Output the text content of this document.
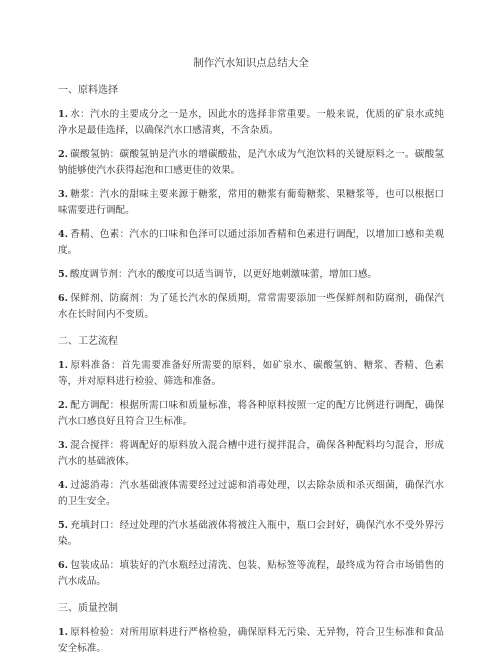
制作汽水知识点总结大全
一、原料选择
1. 水：汽水的主要成分之一是水，因此水的选择非常重要。一般来说，优质的矿泉水或纯净水是最佳选择，以确保汽水口感清爽，不含杂质。
2. 碳酸氢钠：碳酸氢钠是汽水的增碳酸盐，是汽水成为气泡饮料的关键原料之一。碳酸氢钠能够使汽水获得起泡和口感更佳的效果。
3. 糖浆：汽水的甜味主要来源于糖浆，常用的糖浆有葡萄糖浆、果糖浆等，也可以根据口味需要进行调配。
4. 香精、色素：汽水的口味和色泽可以通过添加香精和色素进行调配，以增加口感和美观度。
5. 酸度调节剂：汽水的酸度可以适当调节，以更好地刺激味蕾，增加口感。
6. 保鲜剂、防腐剂：为了延长汽水的保质期，常常需要添加一些保鲜剂和防腐剂，确保汽水在长时间内不变质。
二、工艺流程
1. 原料准备：首先需要准备好所需要的原料，如矿泉水、碳酸氢钠、糖浆、香精、色素等，并对原料进行检验、筛选和准备。
2. 配方调配：根据所需口味和质量标准，将各种原料按照一定的配方比例进行调配，确保汽水口感良好且符合卫生标准。
3. 混合搅拌：将调配好的原料放入混合槽中进行搅拌混合，确保各种配料均匀混合，形成汽水的基础液体。
4. 过滤消毒：汽水基础液体需要经过过滤和消毒处理，以去除杂质和杀灭细菌，确保汽水的卫生安全。
5. 充填封口：经过处理的汽水基础液体将被注入瓶中，瓶口会封好，确保汽水不受外界污染。
6. 包装成品：填装好的汽水瓶经过清洗、包装、贴标签等流程，最终成为符合市场销售的汽水成品。
三、质量控制
1. 原料检验：对所用原料进行严格检验，确保原料无污染、无异物，符合卫生标准和食品安全标准。
